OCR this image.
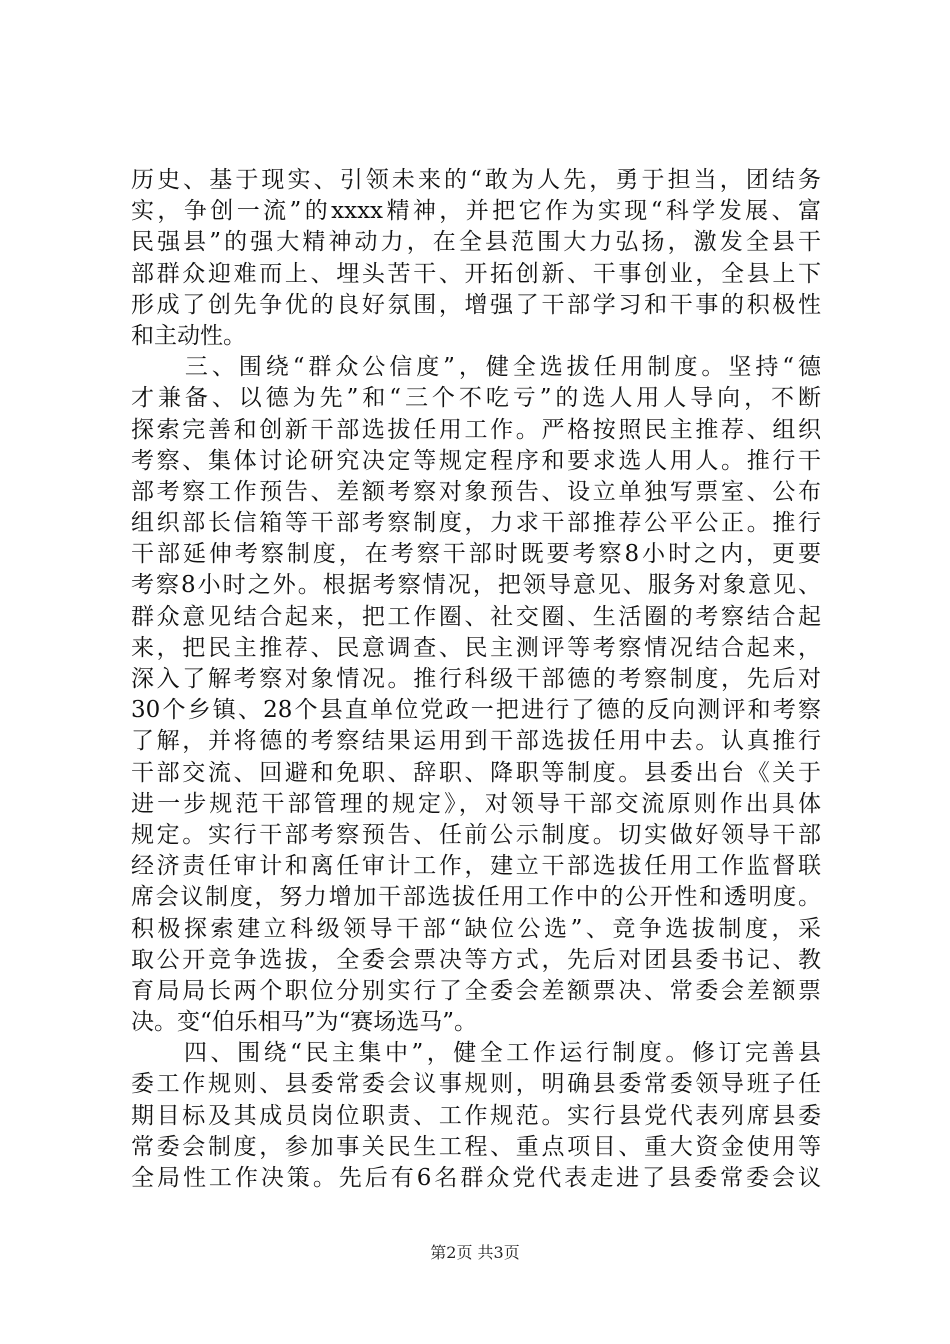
历史、基于现实、引领未来的“敢为人先，勇于担当，团结务
实，争创一流”的xxxx精神，并把它作为实现“科学发展、富
民强县”的强大精神动力，在全县范围大力弘扬，激发全县干
部群众迎难而上、埋头苦干、开拓创新、干事创业，全县上下
形成了创先争优的良好氛围，增强了干部学习和干事的积极性
和主动性。
　　三、围绕“群众公信度”，健全选拔任用制度。坚持“德
才兼备、以德为先”和“三个不吃亏”的选人用人导向，不断
探索完善和创新干部选拔任用工作。严格按照民主推荐、组织
考察、集体讨论研究决定等规定程序和要求选人用人。推行干
部考察工作预告、差额考察对象预告、设立单独写票室、公布
组织部长信箱等干部考察制度，力求干部推荐公平公正。推行
干部延伸考察制度，在考察干部时既要考察8小时之内，更要
考察8小时之外。根据考察情况，把领导意见、服务对象意见、
群众意见结合起来，把工作圈、社交圈、生活圈的考察结合起
来，把民主推荐、民意调查、民主测评等考察情况结合起来，
深入了解考察对象情况。推行科级干部德的考察制度，先后对
30个乡镇、28个县直单位党政一把进行了德的反向测评和考察
了解，并将德的考察结果运用到干部选拔任用中去。认真推行
干部交流、回避和免职、辞职、降职等制度。县委出台《关于
进一步规范干部管理的规定》，对领导干部交流原则作出具体
规定。实行干部考察预告、任前公示制度。切实做好领导干部
经济责任审计和离任审计工作，建立干部选拔任用工作监督联
席会议制度，努力增加干部选拔任用工作中的公开性和透明度。
积极探索建立科级领导干部“缺位公选”、竞争选拔制度，采
取公开竞争选拔，全委会票决等方式，先后对团县委书记、教
育局局长两个职位分别实行了全委会差额票决、常委会差额票
决。变“伯乐相马”为“赛场选马”。
　　四、围绕“民主集中”，健全工作运行制度。修订完善县
委工作规则、县委常委会议事规则，明确县委常委领导班子任
期目标及其成员岗位职责、工作规范。实行县党代表列席县委
常委会制度，参加事关民生工程、重点项目、重大资金使用等
全局性工作决策。先后有6名群众党代表走进了县委常委会议
第2页 共3页
